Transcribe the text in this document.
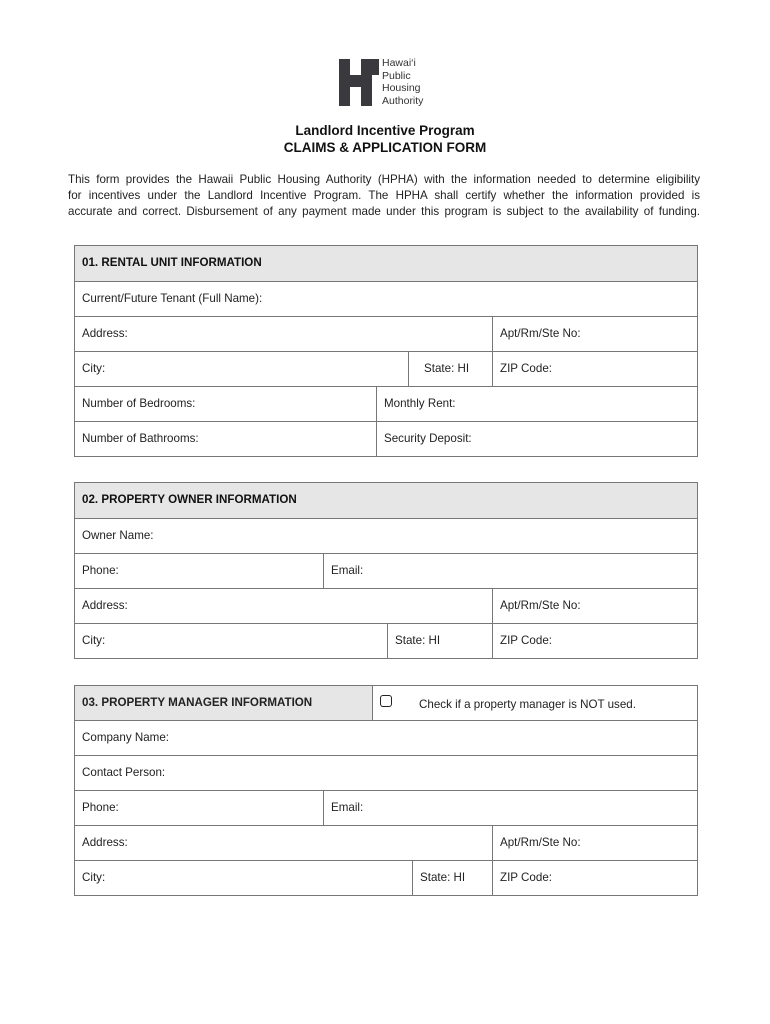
Hawai‘i
Public
Housing
Authority
Landlord Incentive Program
CLAIMS & APPLICATION FORM
This form provides the Hawaii Public Housing Authority (HPHA) with the information needed to determine eligibility
for incentives under the Landlord Incentive Program. The HPHA shall certify whether the information provided is
accurate and correct. Disbursement of any payment made under this program is subject to the availability of funding.
01. RENTAL UNIT INFORMATION
Current/Future Tenant (Full Name):
Address:	Apt/Rm/Ste No:
City:	State: HI	ZIP Code:
Number of Bedrooms:	Monthly Rent:
Number of Bathrooms:	Security Deposit:
02. PROPERTY OWNER INFORMATION
Owner Name:
Phone:	Email:
Address:	Apt/Rm/Ste No:
City:	State: HI	ZIP Code:
03. PROPERTY MANAGER INFORMATION	Check if a property manager is NOT used.
Company Name:
Contact Person:
Phone:	Email:
Address:	Apt/Rm/Ste No:
City:	State: HI	ZIP Code:
